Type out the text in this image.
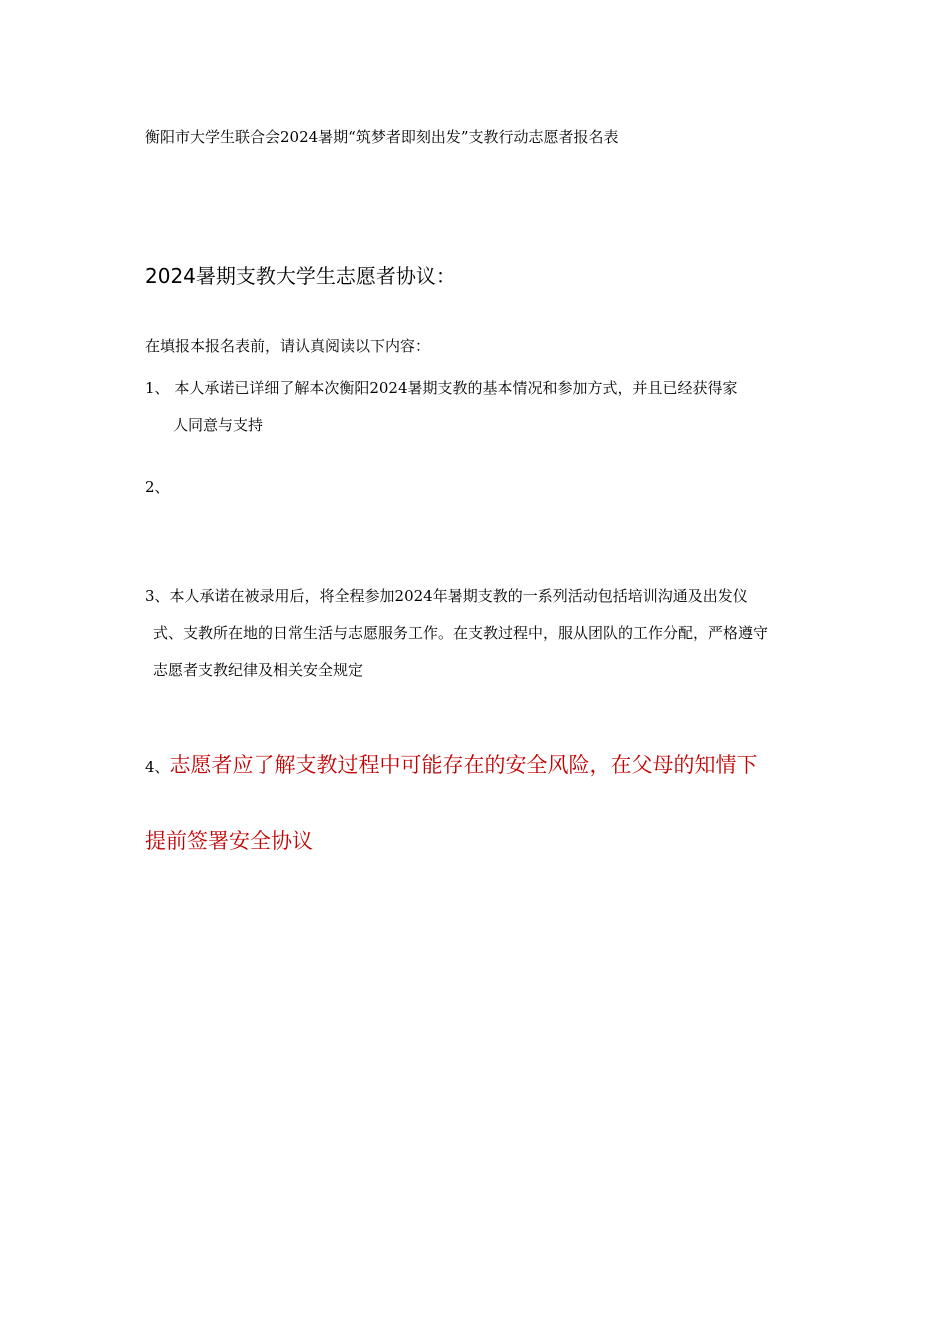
衡阳市大学生联合会2024暑期“筑梦者即刻出发”支教行动志愿者报名表
2024暑期支教大学生志愿者协议：
在填报本报名表前，请认真阅读以下内容：
1、 本人承诺已详细了解本次衡阳2024暑期支教的基本情况和参加方式，并且已经获得家
人同意与支持
2、
3、本人承诺在被录用后，将全程参加2024年暑期支教的一系列活动包括培训沟通及出发仪
式、支教所在地的日常生活与志愿服务工作。在支教过程中，服从团队的工作分配，严格遵守
志愿者支教纪律及相关安全规定
4、志愿者应了解支教过程中可能存在的安全风险，在父母的知情下
提前签署安全协议
